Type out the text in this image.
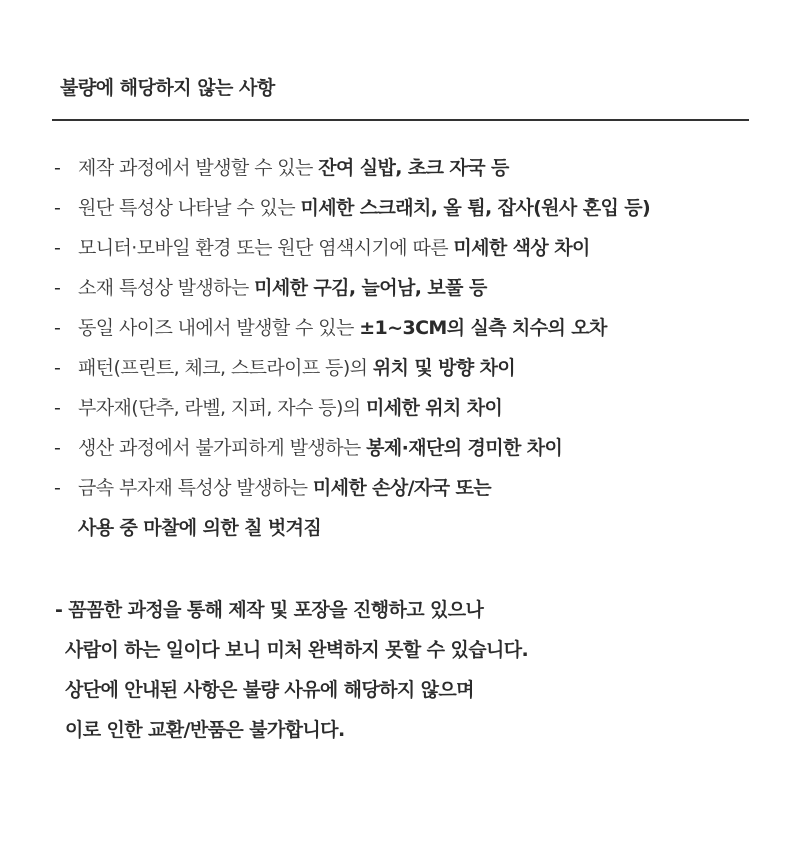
불량에 해당하지 않는 사항
- 제작 과정에서 발생할 수 있는 잔여 실밥, 초크 자국 등
- 원단 특성상 나타날 수 있는 미세한 스크래치, 올 튐, 잡사(원사 혼입 등)
- 모니터·모바일 환경 또는 원단 염색시기에 따른 미세한 색상 차이
- 소재 특성상 발생하는 미세한 구김, 늘어남, 보풀 등
- 동일 사이즈 내에서 발생할 수 있는 ±1~3CM의 실측 치수의 오차
- 패턴(프린트, 체크, 스트라이프 등)의 위치 및 방향 차이
- 부자재(단추, 라벨, 지퍼, 자수 등)의 미세한 위치 차이
- 생산 과정에서 불가피하게 발생하는 봉제·재단의 경미한 차이
- 금속 부자재 특성상 발생하는 미세한 손상/자국 또는
사용 중 마찰에 의한 칠 벗겨짐
- 꼼꼼한 과정을 통해 제작 및 포장을 진행하고 있으나
사람이 하는 일이다 보니 미처 완벽하지 못할 수 있습니다.
상단에 안내된 사항은 불량 사유에 해당하지 않으며
이로 인한 교환/반품은 불가합니다.
